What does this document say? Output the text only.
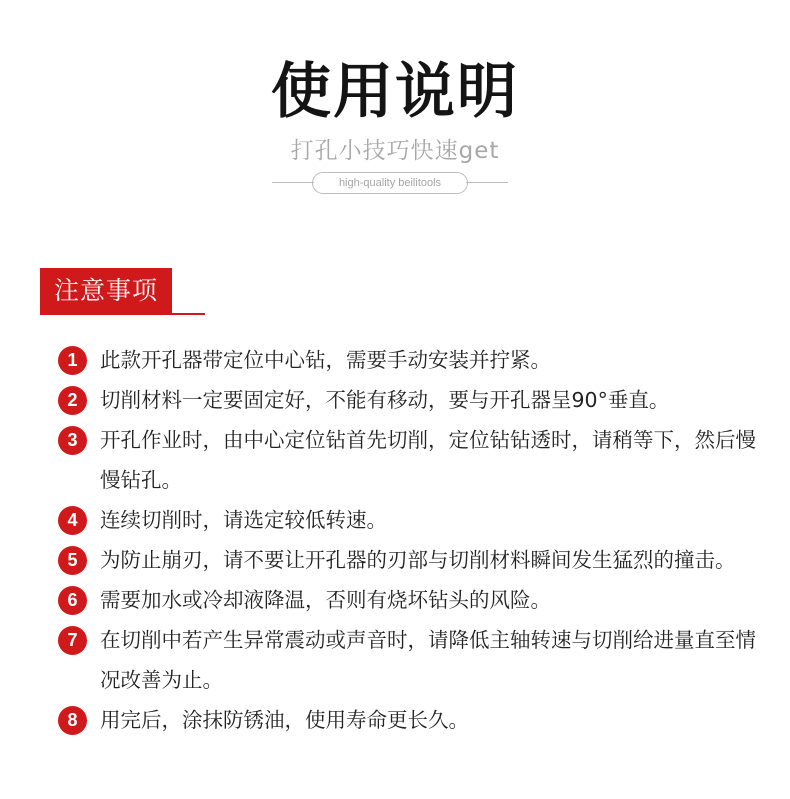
使用说明
打孔小技巧快速get
high-quality beilitools
注意事项
1	此款开孔器带定位中心钻，需要手动安装并拧紧。
2	切削材料一定要固定好，不能有移动，要与开孔器呈90°垂直。
3	开孔作业时，由中心定位钻首先切削，定位钻钻透时，请稍等下，然后慢慢钻孔。
4	连续切削时，请选定较低转速。
5	为防止崩刃，请不要让开孔器的刃部与切削材料瞬间发生猛烈的撞击。
6	需要加水或冷却液降温，否则有烧坏钻头的风险。
7	在切削中若产生异常震动或声音时，请降低主轴转速与切削给进量直至情况改善为止。
8	用完后，涂抹防锈油，使用寿命更长久。
